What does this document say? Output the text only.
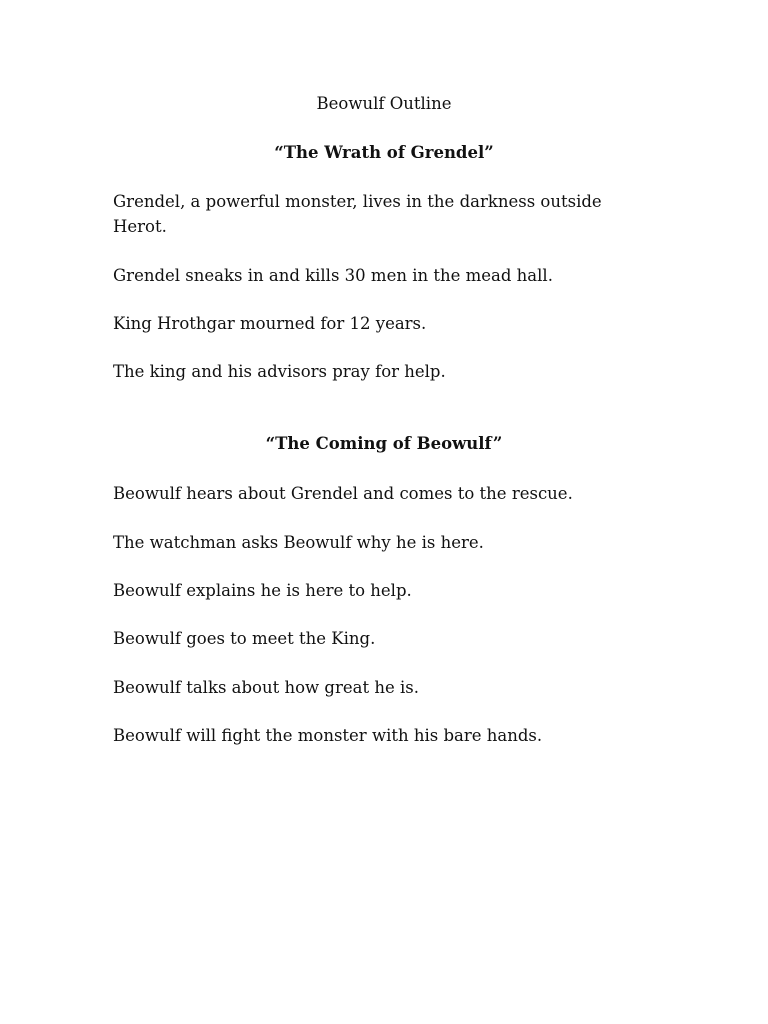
Beowulf Outline
“The Wrath of Grendel”

Grendel, a powerful monster, lives in the darkness outside Herot.

Grendel sneaks in and kills 30 men in the mead hall.

King Hrothgar mourned for 12 years.

The king and his advisors pray for help.

“The Coming of Beowulf”

Beowulf hears about Grendel and comes to the rescue.

The watchman asks Beowulf why he is here.

Beowulf explains he is here to help.

Beowulf goes to meet the King.

Beowulf talks about how great he is.

Beowulf will fight the monster with his bare hands.
